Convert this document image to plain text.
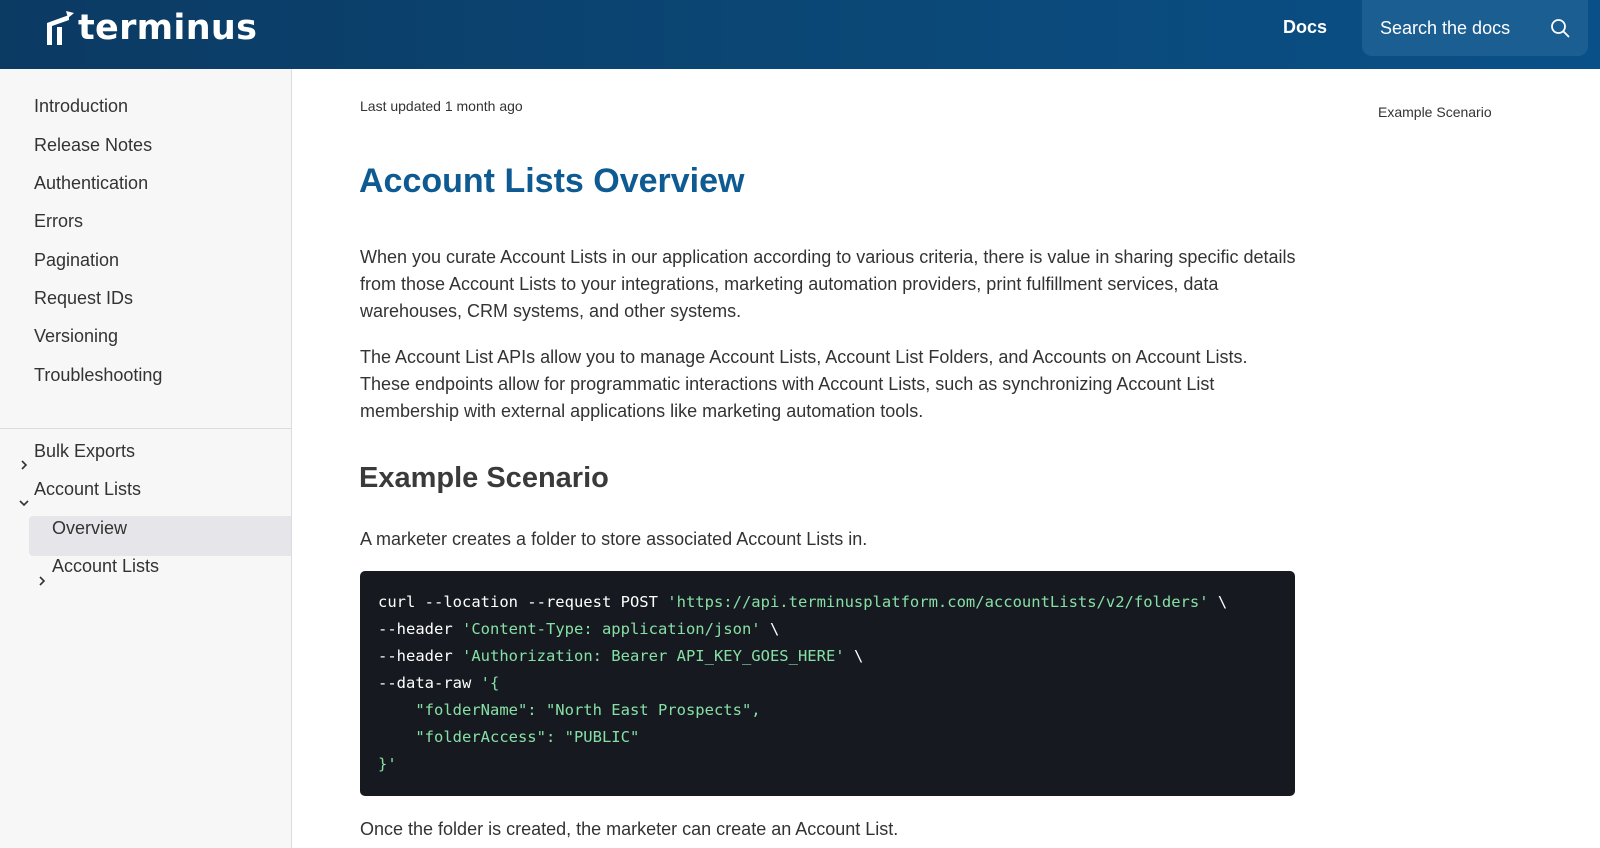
terminus	Docs
Search the docs
Introduction
Release Notes
Authentication
Errors
Pagination
Request IDs
Versioning
Troubleshooting
Bulk Exports
Account Lists
Overview
Account Lists
Last updated 1 month ago	Example Scenario
Account Lists Overview

When you curate Account Lists in our application according to various criteria, there is value in sharing specific details from those Account Lists to your integrations, marketing automation providers, print fulfillment services, data warehouses, CRM systems, and other systems.

The Account List APIs allow you to manage Account Lists, Account List Folders, and Accounts on Account Lists. These endpoints allow for programmatic interactions with Account Lists, such as synchronizing Account List membership with external applications like marketing automation tools.

Example Scenario

A marketer creates a folder to store associated Account Lists in.

curl --location --request POST 'https://api.terminusplatform.com/accountLists/v2/folders' \
--header 'Content-Type: application/json' \
--header 'Authorization: Bearer API_KEY_GOES_HERE' \
--data-raw '{
"folderName": "North East Prospects",
"folderAccess": "PUBLIC"
}'

Once the folder is created, the marketer can create an Account List.
